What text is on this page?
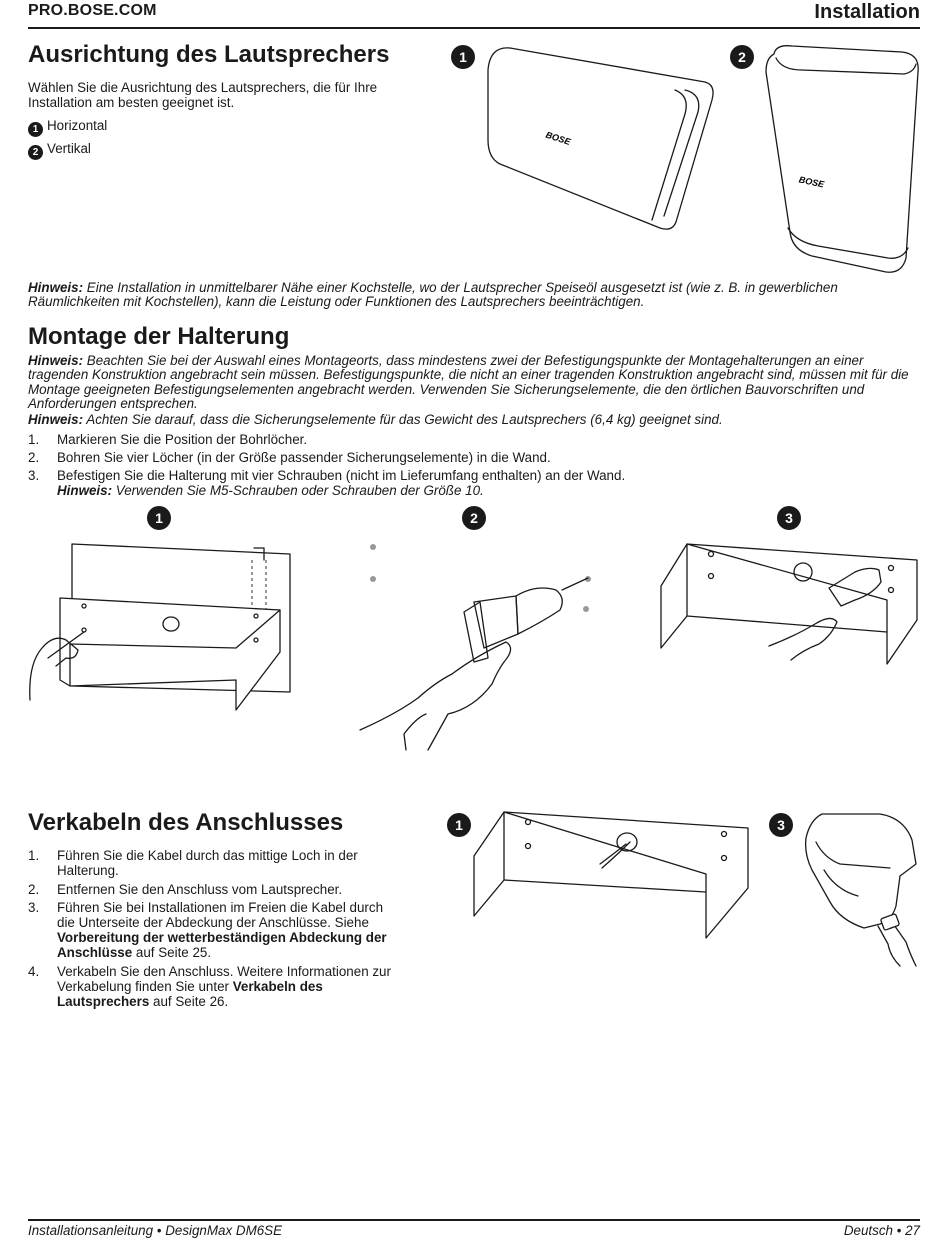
PRO.BOSE.COM	Installation
Ausrichtung des Lautsprechers
Wählen Sie die Ausrichtung des Lautsprechers, die für Ihre Installation am besten geeignet ist.
1 Horizontal
2 Vertikal
1
BOSE
2
BOSE
Hinweis: Eine Installation in unmittelbarer Nähe einer Kochstelle, wo der Lautsprecher Speiseöl ausgesetzt ist (wie z. B. in gewerblichen Räumlichkeiten mit Kochstellen), kann die Leistung oder Funktionen des Lautsprechers beeinträchtigen.
Montage der Halterung
Hinweis: Beachten Sie bei der Auswahl eines Montageorts, dass mindestens zwei der Befestigungspunkte der Montagehalterungen an einer tragenden Konstruktion angebracht sein müssen. Befestigungspunkte, die nicht an einer tragenden Konstruktion angebracht sind, müssen mit für die Montage geeigneten Befestigungselementen angebracht werden. Verwenden Sie Sicherungselemente, die den örtlichen Bauvorschriften und Anforderungen entsprechen.
Hinweis: Achten Sie darauf, dass die Sicherungselemente für das Gewicht des Lautsprechers (6,4 kg) geeignet sind.
1. Markieren Sie die Position der Bohrlöcher.
2. Bohren Sie vier Löcher (in der Größe passender Sicherungselemente) in die Wand.
3. Befestigen Sie die Halterung mit vier Schrauben (nicht im Lieferumfang enthalten) an der Wand.
Hinweis: Verwenden Sie M5-Schrauben oder Schrauben der Größe 10.
1	2	3
Verkabeln des Anschlusses
1. Führen Sie die Kabel durch das mittige Loch in der Halterung.
2. Entfernen Sie den Anschluss vom Lautsprecher.
3. Führen Sie bei Installationen im Freien die Kabel durch die Unterseite der Abdeckung der Anschlüsse. Siehe Vorbereitung der wetterbeständigen Abdeckung der Anschlüsse auf Seite 25.
4. Verkabeln Sie den Anschluss. Weitere Informationen zur Verkabelung finden Sie unter Verkabeln des Lautsprechers auf Seite 26.
1	3
Installationsanleitung • DesignMax DM6SE	Deutsch • 27
